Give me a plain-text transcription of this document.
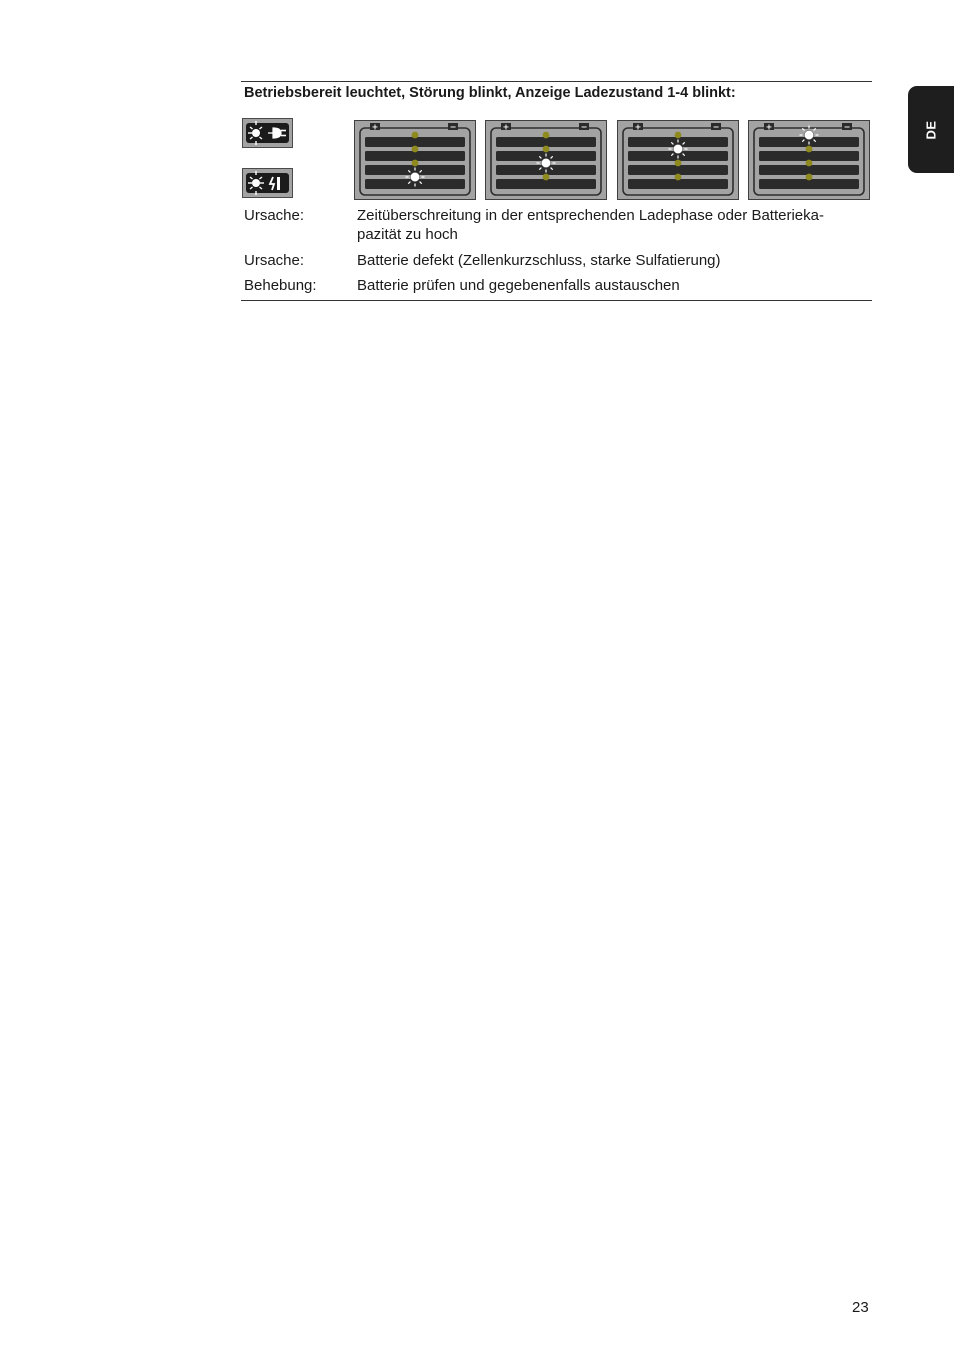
DE
Betriebsbereit leuchtet, Störung blinkt, Anzeige Ladezustand 1-4 blinkt:
+	−	+	−	+	−	+	−
Ursache:	Zeitüberschreitung in der entsprechenden Ladephase oder Batterieka-
pazität zu hoch
Ursache:	Batterie defekt (Zellenkurzschluss, starke Sulfatierung)
Behebung:	Batterie prüfen und gegebenenfalls austauschen
23
